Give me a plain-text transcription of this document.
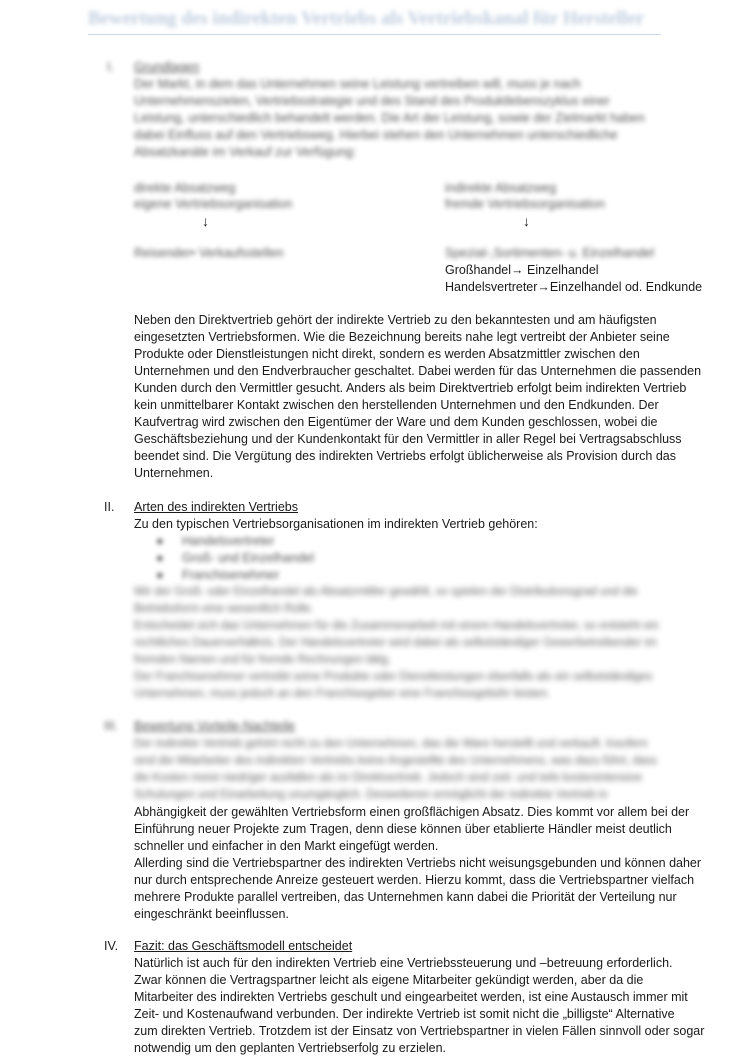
Bewertung des indirekten Vertriebs als Vertriebskanal für Hersteller
I. Grundlagen
Der Markt, in dem das Unternehmen seine Leistung vertreiben will, muss je nach
Unternehmenszielen, Vertriebsstrategie und des Stand des Produktlebenszyklus einer
Leistung, unterschiedlich behandelt werden. Die Art der Leistung, sowie der Zielmarkt haben
dabei Einfluss auf den Vertriebsweg. Hierbei stehen den Unternehmen unterschiedliche
Absatzkanäle im Verkauf zur Verfügung:
direkte Absatzweg
eigene Vertriebsorganisation
↓
Reisender• Verkaufsstellen
indirekte Absatzweg
fremde Vertriebsorganisation
↓
Spezial-,Sortimenten- u. Einzelhandel
Großhandel→ Einzelhandel
Handelsvertreter→Einzelhandel od. Endkunde
Neben den Direktvertrieb gehört der indirekte Vertrieb zu den bekanntesten und am häufigsten
eingesetzten Vertriebsformen. Wie die Bezeichnung bereits nahe legt vertreibt der Anbieter seine
Produkte oder Dienstleistungen nicht direkt, sondern es werden Absatzmittler zwischen den
Unternehmen und den Endverbraucher geschaltet. Dabei werden für das Unternehmen die passenden
Kunden durch den Vermittler gesucht. Anders als beim Direktvertrieb erfolgt beim indirekten Vertrieb
kein unmittelbarer Kontakt zwischen den herstellenden Unternehmen und den Endkunden. Der
Kaufvertrag wird zwischen den Eigentümer der Ware und dem Kunden geschlossen, wobei die
Geschäftsbeziehung und der Kundenkontakt für den Vermittler in aller Regel bei Vertragsabschluss
beendet sind. Die Vergütung des indirekten Vertriebs erfolgt üblicherweise als Provision durch das
Unternehmen.
II. Arten des indirekten Vertriebs
Zu den typischen Vertriebsorganisationen im indirekten Vertrieb gehören:
● Handelsvertreter
● Groß- und Einzelhandel
● Franchisenehmer
Wir der Groß- oder Einzelhandel als Absatzmittler gewählt, so spielen der Distributionsgrad und die
Betriebsform eine wesentlich Rolle.
Entscheidet sich das Unternehmen für die Zusammenarbeit mit einem Handelsvertreter, so entsteht ein
rechtliches Dauerverhältnis. Der Handelsvertreter wird dabei als selbstständiger Gewerbetreibender im
fremden Namen und für fremde Rechnungen tätig.
Der Franchisenehmer vertreibt seine Produkte oder Dienstleistungen ebenfalls als ein selbstständiges
Unternehmen, muss jedoch an den Franchisegeber eine Franchisegebühr leisten.
III. Bewertung Vorteile-Nachteile
Der indirekte Vertrieb gehört nicht zu den Unternehmen, das die Ware herstellt und verkauft. Insofern
sind die Mitarbeiter des indirekten Vertriebs keine Angestellte des Unternehmens, was dazu führt, dass
die Kosten meist niedriger ausfallen als im Direktvertrieb. Jedoch sind zeit- und teils kostenintensive
Schulungen und Einarbeitung unumgänglich. Desweiteren ermöglicht der indirekte Vertrieb in
Abhängigkeit der gewählten Vertriebsform einen großflächigen Absatz. Dies kommt vor allem bei der
Einführung neuer Projekte zum Tragen, denn diese können über etablierte Händler meist deutlich
schneller und einfacher in den Markt eingefügt werden.
Allerding sind die Vertriebspartner des indirekten Vertriebs nicht weisungsgebunden und können daher
nur durch entsprechende Anreize gesteuert werden. Hierzu kommt, dass die Vertriebspartner vielfach
mehrere Produkte parallel vertreiben, das Unternehmen kann dabei die Priorität der Verteilung nur
eingeschränkt beeinflussen.
IV. Fazit: das Geschäftsmodell entscheidet
Natürlich ist auch für den indirekten Vertrieb eine Vertriebssteuerung und –betreuung erforderlich.
Zwar können die Vertragspartner leicht als eigene Mitarbeiter gekündigt werden, aber da die
Mitarbeiter des indirekten Vertriebs geschult und eingearbeitet werden, ist eine Austausch immer mit
Zeit- und Kostenaufwand verbunden. Der indirekte Vertrieb ist somit nicht die „billigste“ Alternative
zum direkten Vertrieb. Trotzdem ist der Einsatz von Vertriebspartner in vielen Fällen sinnvoll oder sogar
notwendig um den geplanten Vertriebserfolg zu erzielen.
